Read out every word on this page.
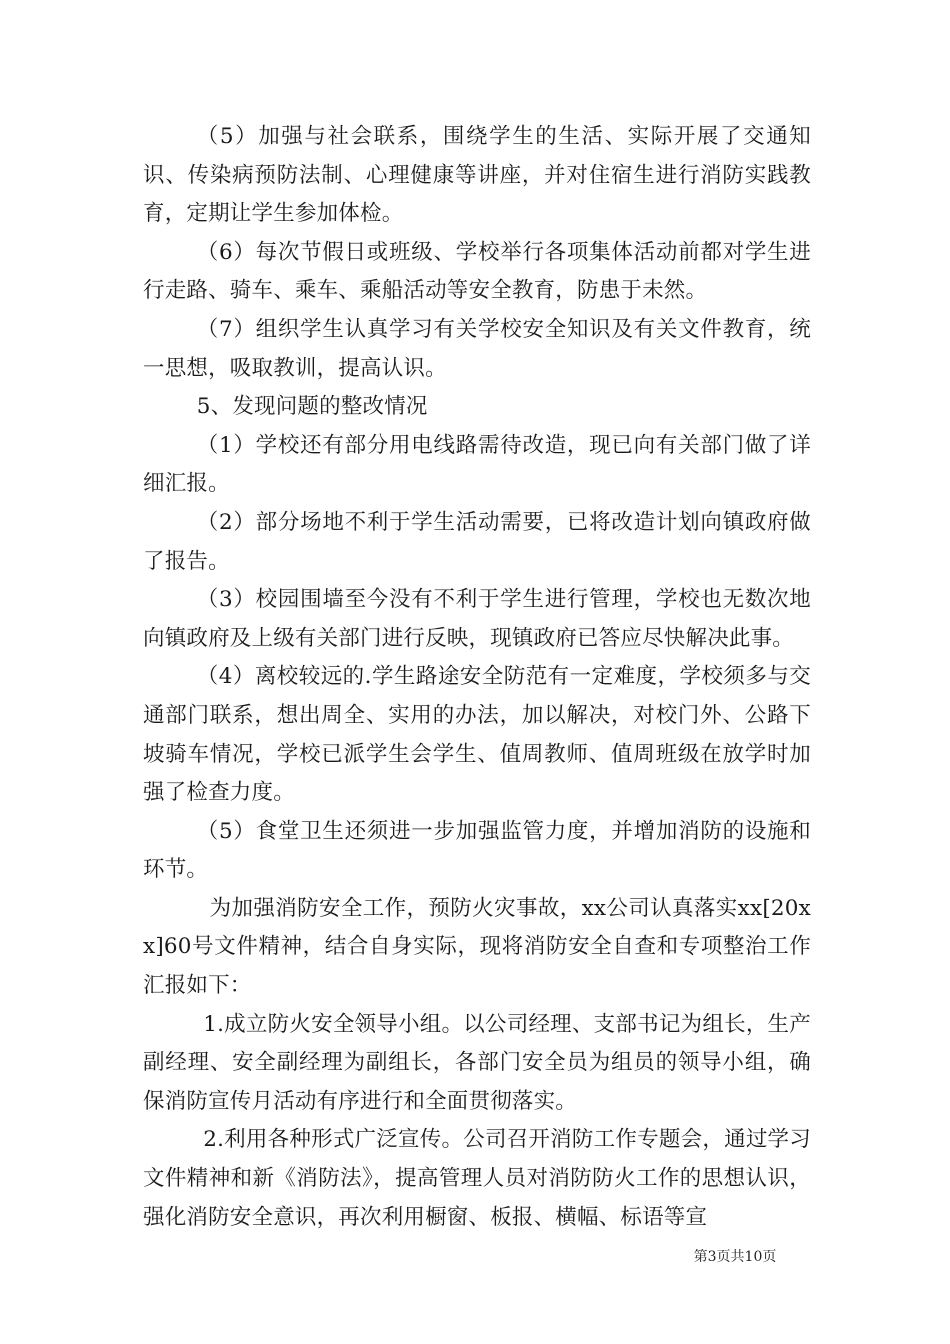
（5）加强与社会联系，围绕学生的生活、实际开展了交通知识、传染病预防法制、心理健康等讲座，并对住宿生进行消防实践教育，定期让学生参加体检。

（6）每次节假日或班级、学校举行各项集体活动前都对学生进行走路、骑车、乘车、乘船活动等安全教育，防患于未然。

（7）组织学生认真学习有关学校安全知识及有关文件教育，统一思想，吸取教训，提高认识。

5、发现问题的整改情况

（1）学校还有部分用电线路需待改造，现已向有关部门做了详细汇报。

（2）部分场地不利于学生活动需要，已将改造计划向镇政府做了报告。

（3）校园围墙至今没有不利于学生进行管理，学校也无数次地向镇政府及上级有关部门进行反映，现镇政府已答应尽快解决此事。

（4）离校较远的.学生路途安全防范有一定难度，学校须多与交通部门联系，想出周全、实用的办法，加以解决，对校门外、公路下坡骑车情况，学校已派学生会学生、值周教师、值周班级在放学时加强了检查力度。

（5）食堂卫生还须进一步加强监管力度，并增加消防的设施和环节。

为加强消防安全工作，预防火灾事故，xx公司认真落实xx[20xx]60号文件精神，结合自身实际，现将消防安全自查和专项整治工作汇报如下：

1.成立防火安全领导小组。以公司经理、支部书记为组长，生产副经理、安全副经理为副组长，各部门安全员为组员的领导小组，确保消防宣传月活动有序进行和全面贯彻落实。

2.利用各种形式广泛宣传。公司召开消防工作专题会，通过学习文件精神和新《消防法》，提高管理人员对消防防火工作的思想认识，强化消防安全意识，再次利用橱窗、板报、横幅、标语等宣

第3页共10页
